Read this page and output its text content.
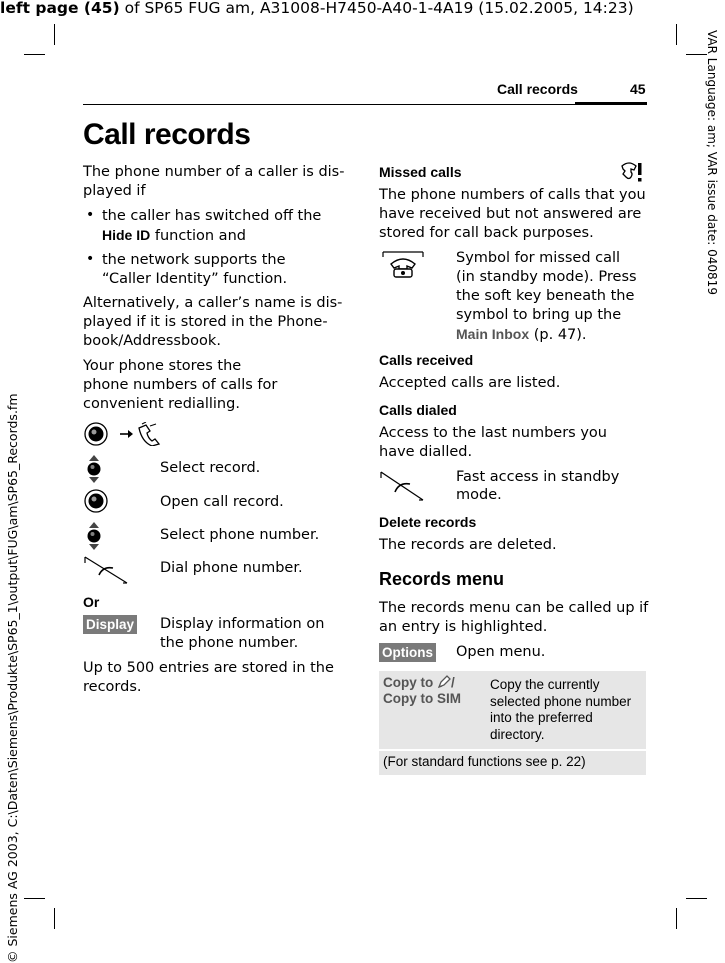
left page (45) of SP65 FUG am, A31008-H7450-A40-1-4A19 (15.02.2005, 14:23)
VAR Language: am; VAR issue date: 040819
© Siemens AG 2003, C:\Daten\Siemens\Produkte\SP65_1\output\FUG\am\SP65_Records.fm
Call records	45
Call records
The phone number of a caller is dis-
played if
• the caller has switched off the
Hide ID function and
• the network supports the
“Caller Identity” function.
Alternatively, a caller’s name is dis-
played if it is stored in the Phone-
book/Addressbook.
Your phone stores the
phone numbers of calls for
convenient redialling.
Select record.
Open call record.
Select phone number.
Dial phone number.
Or
Display Display information on
the phone number.
Up to 500 entries are stored in the
records.
Missed calls
The phone numbers of calls that you
have received but not answered are
stored for call back purposes.
Symbol for missed call
(in standby mode). Press
the soft key beneath the
symbol to bring up the
Main Inbox (p. 47).
Calls received
Accepted calls are listed.
Calls dialed
Access to the last numbers you
have dialled.
Fast access in standby
mode.
Delete records
The records are deleted.
Records menu
The records menu can be called up if
an entry is highlighted.
Options Open menu.
Copy to /
Copy to SIM
Copy the currently
selected phone number
into the preferred
directory.
(For standard functions see p. 22)
